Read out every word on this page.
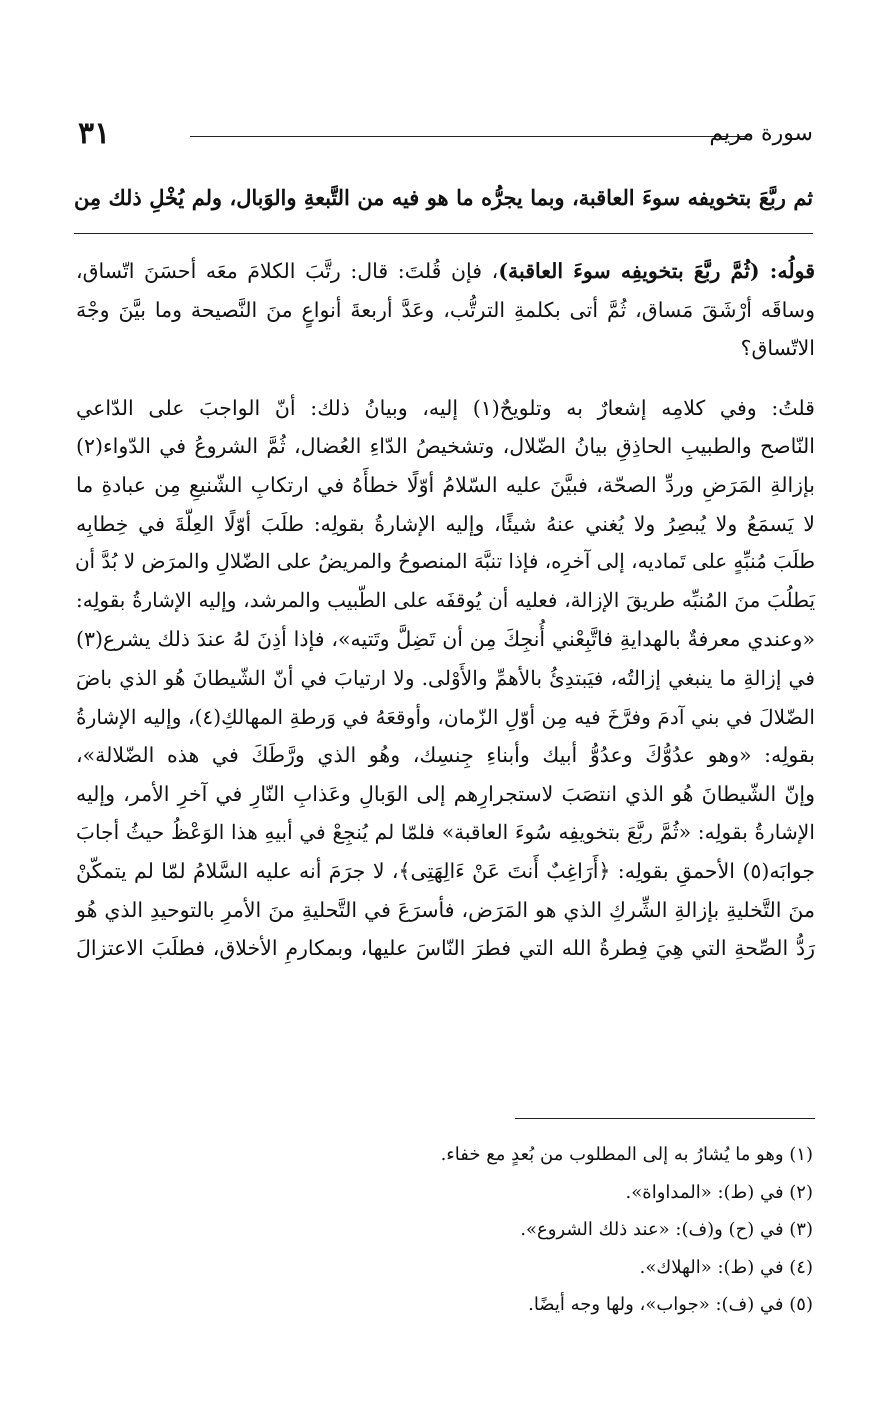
٣١	سورة مريم
ثم ربَّعَ بتخويفه سوءَ العاقبة، وبما يجرُّه ما هو فيه من التَّبعةِ والوَبال، ولم يُخْلِ ذلك مِن

قولُه: (ثُمَّ ربَّعَ بتخويفِه سوءَ العاقبة)، فإن قُلتَ: قال: رتَّبَ الكلامَ معَه أحسَنَ اتّساق،
وساقَه أرْشَقَ مَساق، ثُمَّ أتى بكلمةِ الترتُّب، وعَدَّ أربعةَ أنواعٍ منَ النَّصيحة وما بيَّنَ وجْهَ
الاتّساق؟

قلتُ: وفي كلامِه إشعارٌ به وتلويحٌ(١) إليه، وبيانُ ذلك: أنّ الواجبَ على الدّاعي
النّاصح والطبيبِ الحاذِقِ بيانُ الضّلال، وتشخيصُ الدّاءِ العُضال، ثُمَّ الشروعُ في الدّواء(٢)
بإزالةِ المَرَضِ وردِّ الصحّة، فبيَّنَ عليه السّلامُ أوّلًا خطأَهُ في ارتكابِ الشّنيعِ مِن عبادةِ ما
لا يَسمَعُ ولا يُبصِرُ ولا يُغني عنهُ شيئًا، وإليه الإشارةُ بقولِه: طلَبَ أوّلًا العِلّةَ في خِطابِه
طلَبَ مُنبِّهٍ على تَماديه، إلى آخرِه، فإذا تنبَّهَ المنصوحُ والمريضُ على الضّلالِ والمرَض لا بُدَّ أن
يَطلُبَ منَ المُنبِّه طريقَ الإزالة، فعليه أن يُوقفَه على الطّبيب والمرشد، وإليه الإشارةُ بقولِه:
«وعندي معرفةٌ بالهدايةِ فاتَّبِعْني أُنجِكَ مِن أن تَضِلَّ وتَتيه»، فإذا أذِنَ لهُ عندَ ذلك يشرع(٣)
في إزالةِ ما ينبغي إزالتُه، فيَبتدِئُ بالأهمِّ والأَوْلى. ولا ارتيابَ في أنّ الشّيطانَ هُو الذي باضَ
الضّلالَ في بني آدمَ وفرَّخَ فيه مِن أوّلِ الزّمان، وأوقعَهُ في وَرطةِ المهالكِ(٤)، وإليه الإشارةُ
بقولِه: «وهو عدُوُّكَ وعدُوُّ أبيك وأبناءِ جِنسِك، وهُو الذي ورَّطَكَ في هذه الضّلالة»،
وإنّ الشّيطانَ هُو الذي انتصَبَ لاستجرارِهم إلى الوَبالِ وعَذابِ النّارِ في آخرِ الأمر، وإليه
الإشارةُ بقولِه: «ثُمَّ ربَّعَ بتخويفِه سُوءَ العاقبة» فلمّا لم يُنجِعْ في أبيهِ هذا الوَعْظُ حيثُ أجابَ
جوابَه(٥) الأحمقِ بقولِه: ﴿أَرَاغِبٌ أَنتَ عَنْ ءَالِهَتِى﴾، لا جرَمَ أنه عليه السَّلامُ لمّا لم يتمكّنْ
منَ التَّخليةِ بإزالةِ الشِّركِ الذي هو المَرَض، فأسرَعَ في التَّحليةِ منَ الأمرِ بالتوحيدِ الذي هُو
رَدُّ الصِّحةِ التي هِيَ فِطرةُ الله التي فطرَ النّاسَ عليها، وبمكارمِ الأخلاق، فطلَبَ الاعتزالَ

(١) وهو ما يُشارُ به إلى المطلوب من بُعدٍ مع خفاء.
(٢) في (ط): «المداواة».
(٣) في (ح) و(ف): «عند ذلك الشروع».
(٤) في (ط): «الهلاك».
(٥) في (ف): «جواب»، ولها وجه أيضًا.
